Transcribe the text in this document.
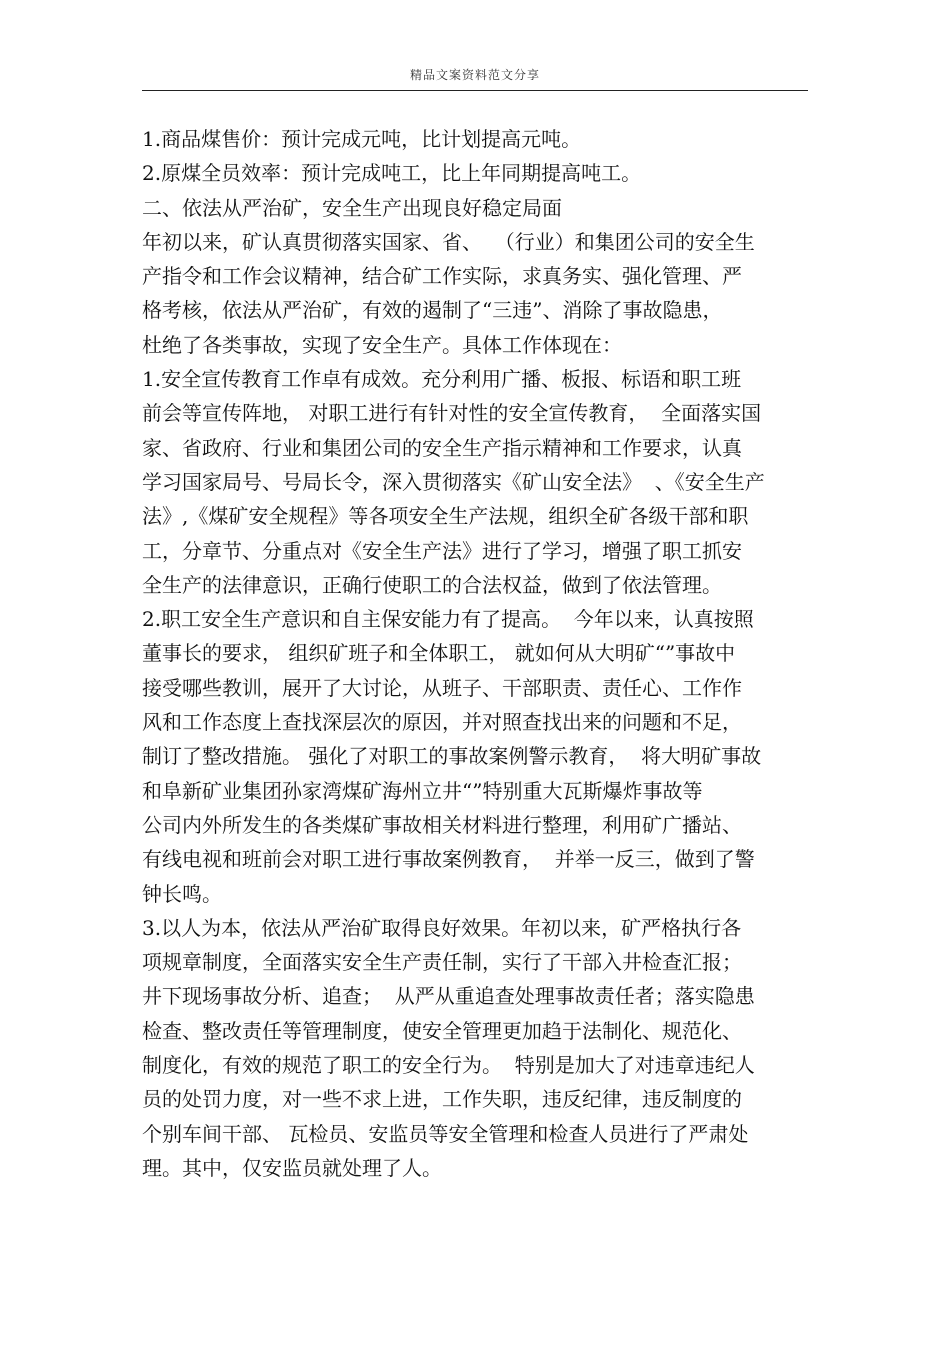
精品文案资料范文分享
1.商品煤售价：预计完成元吨，比计划提高元吨。
2.原煤全员效率：预计完成吨工，比上年同期提高吨工。
二、依法从严治矿，安全生产出现良好稳定局面
年初以来，矿认真贯彻落实国家、省、  （行业）和集团公司的安全生
产指令和工作会议精神，结合矿工作实际，求真务实、强化管理、严
格考核，依法从严治矿，有效的遏制了“三违”、消除了事故隐患，
杜绝了各类事故，实现了安全生产。具体工作体现在：
1.安全宣传教育工作卓有成效。充分利用广播、板报、标语和职工班
前会等宣传阵地， 对职工进行有针对性的安全宣传教育，  全面落实国
家、省政府、行业和集团公司的安全生产指示精神和工作要求，认真
学习国家局号、号局长令，深入贯彻落实《矿山安全法》  、《安全生产
法》,《煤矿安全规程》等各项安全生产法规，组织全矿各级干部和职
工，分章节、分重点对《安全生产法》进行了学习，增强了职工抓安
全生产的法律意识，正确行使职工的合法权益，做到了依法管理。
2.职工安全生产意识和自主保安能力有了提高。  今年以来，认真按照
董事长的要求， 组织矿班子和全体职工， 就如何从大明矿“”事故中
接受哪些教训，展开了大讨论，从班子、干部职责、责任心、工作作
风和工作态度上查找深层次的原因，并对照查找出来的问题和不足，
制订了整改措施。 强化了对职工的事故案例警示教育，  将大明矿事故
和阜新矿业集团孙家湾煤矿海州立井“”特别重大瓦斯爆炸事故等
公司内外所发生的各类煤矿事故相关材料进行整理，利用矿广播站、
有线电视和班前会对职工进行事故案例教育，  并举一反三，做到了警
钟长鸣。
3.以人为本，依法从严治矿取得良好效果。年初以来，矿严格执行各
项规章制度，全面落实安全生产责任制，实行了干部入井检查汇报；
井下现场事故分析、追查；  从严从重追查处理事故责任者；落实隐患
检查、整改责任等管理制度，使安全管理更加趋于法制化、规范化、
制度化，有效的规范了职工的安全行为。  特别是加大了对违章违纪人
员的处罚力度，对一些不求上进，工作失职，违反纪律，违反制度的
个别车间干部、 瓦检员、安监员等安全管理和检查人员进行了严肃处
理。其中，仅安监员就处理了人。
